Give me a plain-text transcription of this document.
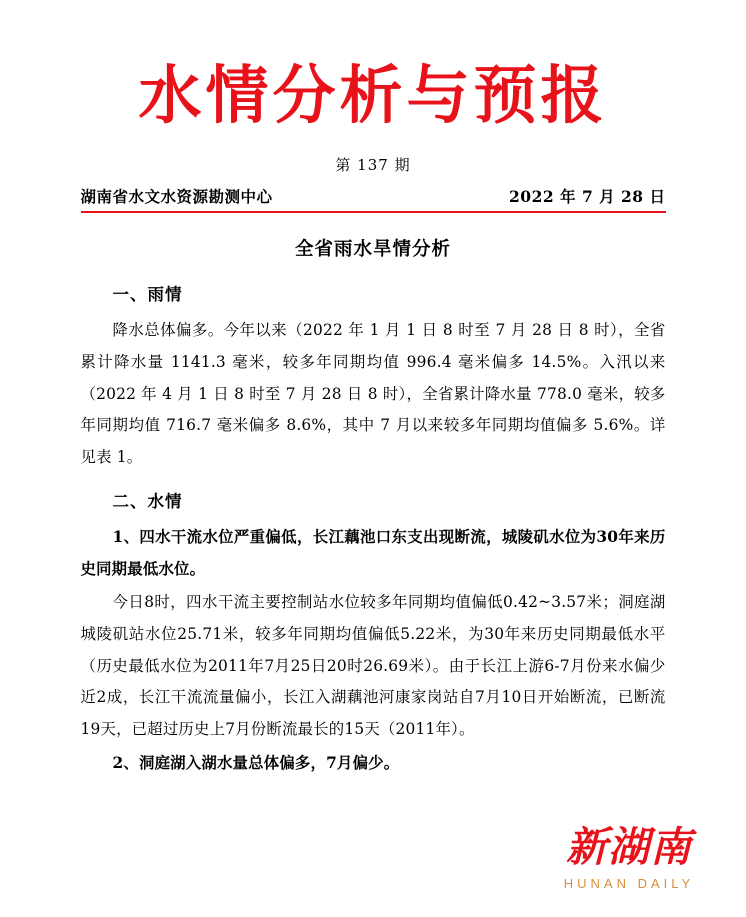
水情分析与预报
第 137 期
湖南省水文水资源勘测中心	2022 年 7 月 28 日
全省雨水旱情分析
一、雨情

降水总体偏多。今年以来（2022 年 1 月 1 日 8 时至 7 月 28 日 8 时），全省累计降水量 1141.3 毫米，较多年同期均值 996.4 毫米偏多 14.5%。入汛以来（2022 年 4 月 1 日 8 时至 7 月 28 日 8 时），全省累计降水量 778.0 毫米，较多年同期均值 716.7 毫米偏多 8.6%，其中 7 月以来较多年同期均值偏多 5.6%。详见表 1。

二、水情

1、四水干流水位严重偏低，长江藕池口东支出现断流，城陵矶水位为30年来历史同期最低水位。

今日8时，四水干流主要控制站水位较多年同期均值偏低0.42~3.57米；洞庭湖城陵矶站水位25.71米，较多年同期均值偏低5.22米，为30年来历史同期最低水平（历史最低水位为2011年7月25日20时26.69米）。由于长江上游6-7月份来水偏少近2成，长江干流流量偏小，长江入湖藕池河康家岗站自7月10日开始断流，已断流19天，已超过历史上7月份断流最长的15天（2011年）。

2、洞庭湖入湖水量总体偏多，7月偏少。

新湖南
HUNAN DAILY
